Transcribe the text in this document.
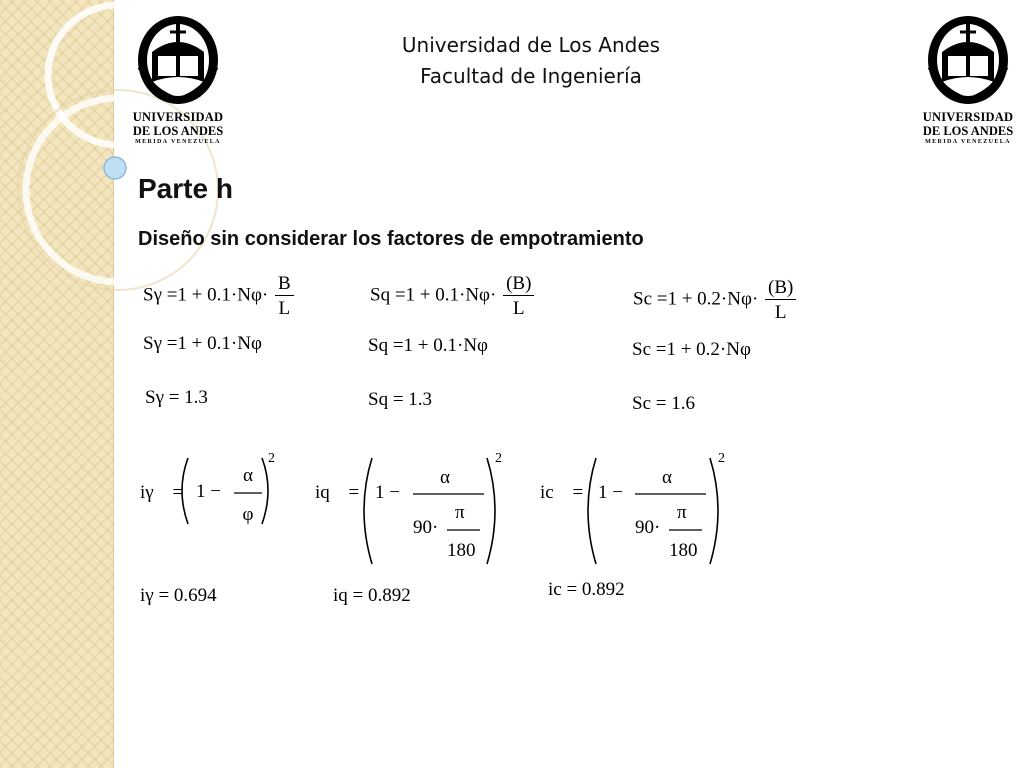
UNIVERSIDAD
DE LOS ANDES
MERIDA VENEZUELA
UNIVERSIDAD
DE LOS ANDES
MERIDA VENEZUELA
Universidad de Los Andes
Facultad de Ingeniería
Parte h
Diseño sin considerar los factores de empotramiento
$S\gamma =1 + 0.1\cdot N\varphi\cdot \frac{B}{L}$	$Sq =1 + 0.1\cdot N\varphi\cdot \frac{(B)}{L}$	$Sc =1 + 0.2\cdot N\varphi\cdot \frac{(B)}{L}$
Sγ =1 + 0.1·Nφ	Sq =1 + 0.1·Nφ	Sc =1 + 0.2·Nφ
Sγ = 1.3	Sq = 1.3	Sc = 1.6
iγ = 1 −
α
φ
2
iγ = 0.694
iq = 1 −
α
90·
π
180
2
iq = 0.892
ic = 1 −
α
90·
π
180
2
ic = 0.892
